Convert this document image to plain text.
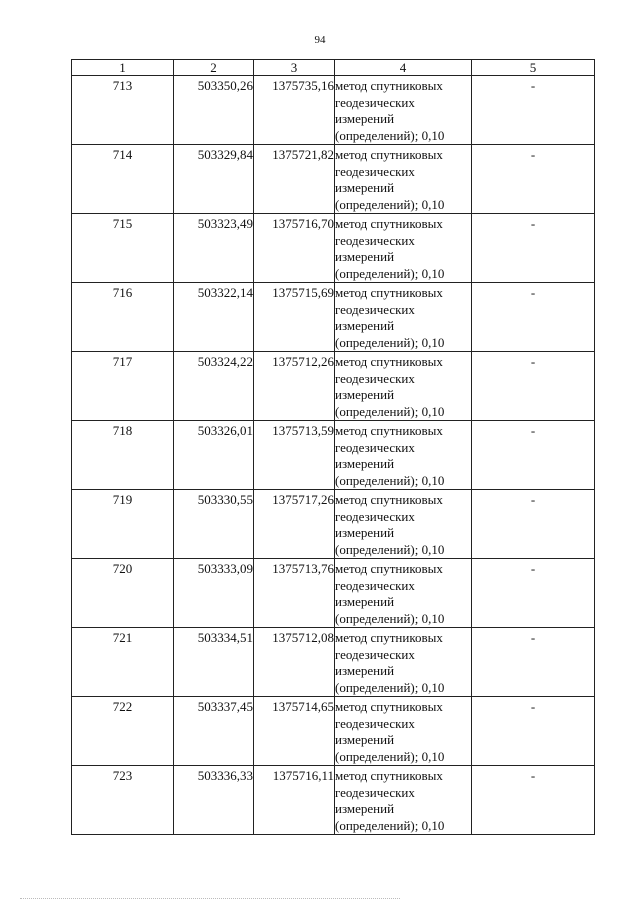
94
1	2	3	4	5
713	503350,26	1375735,16	метод спутниковых
геодезических
измерений
(определений); 0,10	-
714	503329,84	1375721,82	метод спутниковых
геодезических
измерений
(определений); 0,10	-
715	503323,49	1375716,70	метод спутниковых
геодезических
измерений
(определений); 0,10	-
716	503322,14	1375715,69	метод спутниковых
геодезических
измерений
(определений); 0,10	-
717	503324,22	1375712,26	метод спутниковых
геодезических
измерений
(определений); 0,10	-
718	503326,01	1375713,59	метод спутниковых
геодезических
измерений
(определений); 0,10	-
719	503330,55	1375717,26	метод спутниковых
геодезических
измерений
(определений); 0,10	-
720	503333,09	1375713,76	метод спутниковых
геодезических
измерений
(определений); 0,10	-
721	503334,51	1375712,08	метод спутниковых
геодезических
измерений
(определений); 0,10	-
722	503337,45	1375714,65	метод спутниковых
геодезических
измерений
(определений); 0,10	-
723	503336,33	1375716,11	метод спутниковых
геодезических
измерений
(определений); 0,10	-
